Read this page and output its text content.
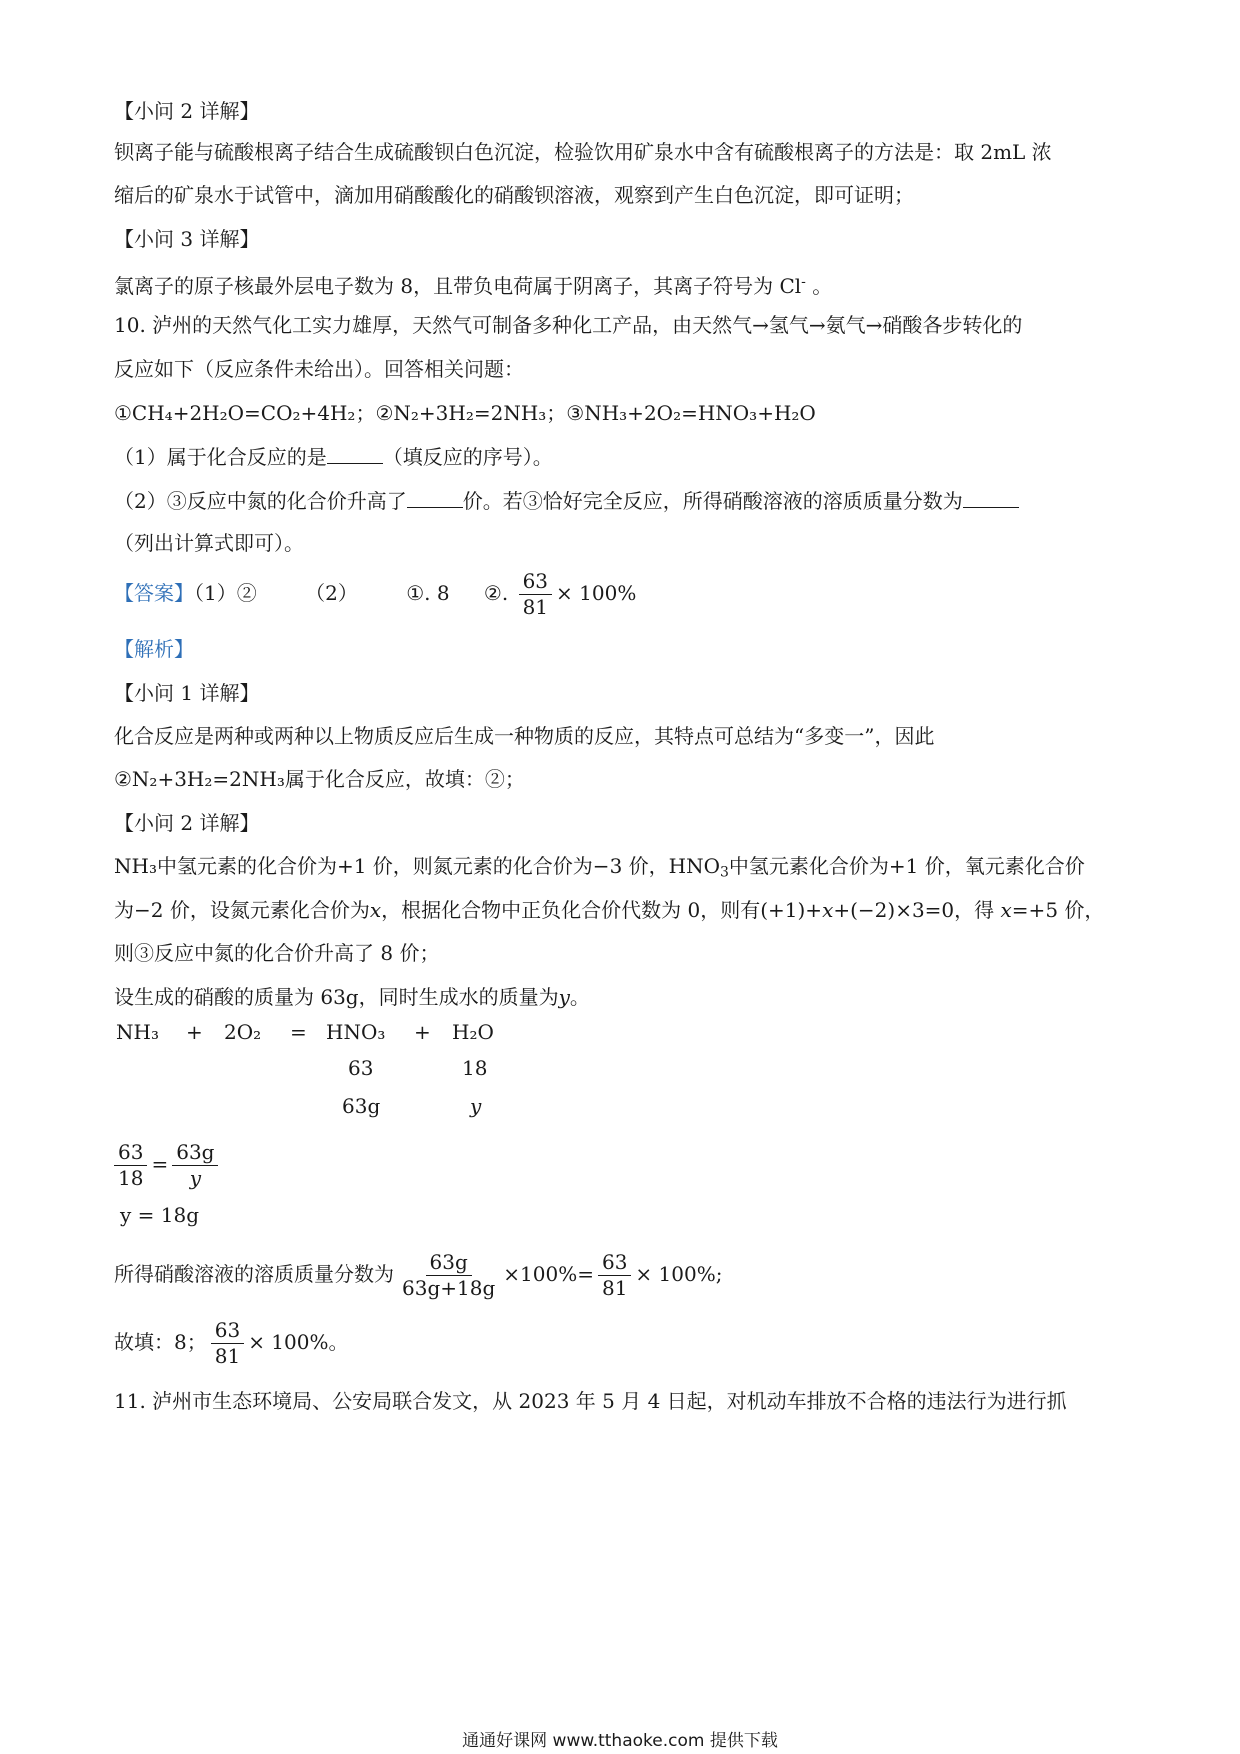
【小问 2 详解】
钡离子能与硫酸根离子结合生成硫酸钡白色沉淀，检验饮用矿泉水中含有硫酸根离子的方法是：取 2mL 浓
缩后的矿泉水于试管中，滴加用硝酸酸化的硝酸钡溶液，观察到产生白色沉淀，即可证明；
【小问 3 详解】
氯离子的原子核最外层电子数为 8，且带负电荷属于阴离子，其离子符号为 Cl- 。
10. 泸州的天然气化工实力雄厚，天然气可制备多种化工产品，由天然气→氢气→氨气→硝酸各步转化的
反应如下（反应条件未给出）。回答相关问题：
①CH₄+2H₂O=CO₂+4H₂；②N₂+3H₂=2NH₃；③NH₃+2O₂=HNO₃+H₂O
（1）属于化合反应的是	（填反应的序号）。
（2）③反应中氮的化合价升高了	价。若③恰好完全反应，所得硝酸溶液的溶质质量分数为
（列出计算式即可）。
【答案】（1）② （2） ①. 8 ②. $\frac{63}{81} \times 100\%$
【解析】
【小问 1 详解】
化合反应是两种或两种以上物质反应后生成一种物质的反应，其特点可总结为“多变一”，因此
②N₂+3H₂=2NH₃属于化合反应，故填：②；
【小问 2 详解】
NH₃中氢元素的化合价为+1 价，则氮元素的化合价为−3 价，$HNO_3$中氢元素化合价为+1 价，氧元素化合价
为−2 价，设氮元素化合价为x，根据化合物中正负化合价代数为 0，则有(+1)+x+(−2)×3=0，得 x=+5 价，
则③反应中氮的化合价升高了 8 价；
设生成的硝酸的质量为 63g，同时生成水的质量为y。
NH₃ + 2O₂ = HNO₃ + H₂O
63	18
63g	y
$\frac{63}{18} = \frac{63g}{y}$
y = 18g
所得硝酸溶液的溶质质量分数为 $\frac{63g}{63g+18g} \times 100\%= \frac{63}{81} \times 100\%$;
故填：8； $\frac{63}{81} \times 100\%$。
11. 泸州市生态环境局、公安局联合发文，从 2023 年 5 月 4 日起，对机动车排放不合格的违法行为进行抓
通通好课网 www.tthaoke.com 提供下载
